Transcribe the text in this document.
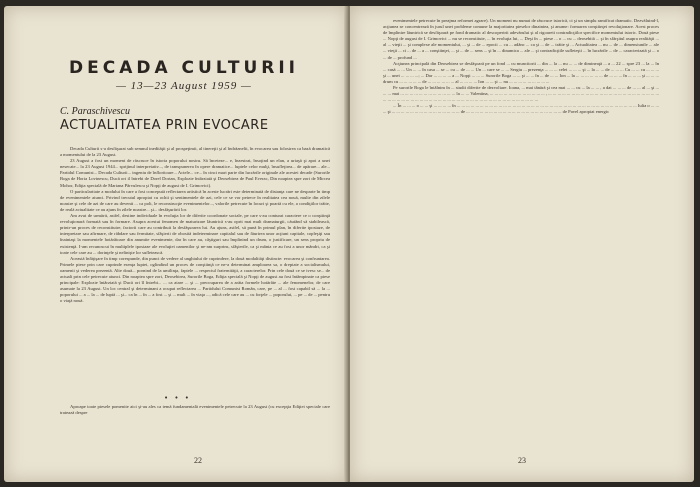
DECADA CULTURII
— 13—23 August 1959 —
C. Paraschivescu
ACTUALITATEA PRIN EVOCARE

Decada Culturii s-a desfăşurat sub semnul inedităţii şi al prospeţimii, al tinereţii şi al îndrăznelii, în evocarea sau folosirea ca bază dramatică a momentului de la 23 August.

23 August a fost un moment de răscruce în istoria poporului nostru. Să înceteze... e, înzestrat, însoţind un elan, a uriaşă şi apoi a unei nesecate... la 23 August 1944... sprijinul interpretativ..., de transpunerea în opere dramatice... luptele celor mulţi, însufleţirea... de apărare... ale... Partidul Comunist... Decada Culturii... ingeniu de înfloritoare... Actele... ce... în cinci mari parte din lucrările originale ale acestei decade (Surorile Boga de Horia Lovinescu, Ducă ori il întrebi de Dorel Dorian, Explozie întârziată şi Deosebirea de Paul Everac, Din noaptea spre zori de Mircea Mohor, Ediţia specială de Mariana Pârvulescu şi Nopţi de august de I. Grimovici).

O particularitate a modului în care a fost concepută reflectarea artistică în aceste lucrări este determinată de distanţa care ne desparte în timp de evenimentele atunci. Privind trecutul apropiat cu ochii şi sentimentele de azi, cele ce se vor petrece în realitatea cea nouă, multe din zilele noastre şi cele de azi de care au devenit ... ca poli, le reconstrucţie evenimentelor..., valorile petrecute în locuri şi poartă cu ele, a condiţiilor trăite, de reală actualitate ce au ajuns în zilele noastre... şi... desfăşurării lor.

Am avut de urmărit, astfel, destine individuale în evoluţia lor de diferite coordonate sociale, pe care s-au conturat caractere ce o conştiinţă revoluţionară formată sau în formare. Asupra acestui fenomen de maturizare lăuntrică s-au oprit mai mult dramaturgii, căutând să stabilească, printr-un proces de reconstituire, factorii care au contribuit la desfăşurarea lui. Au ajuns, astfel, să pună în primul plan, în diferite ipostaze, de interpretare sau afirmare, de răbdare sau fermitate, sfâşierii de obosită indeterminare capitalul sau de făurirea unor acţiuni capitale, copleşiţi sau înaintaşi la momentele hotărâtoare din anumite evenimente, dar în care au, câştiguri sau împlinind un drum, o justificare, un sens propriu de existenţă. I-am recunoscut în multiplele ipostaze ale evoluţiei oamenilor şi ne-am surprins, sfâşierile, ca şi mânia ce au fost a unor mândri, ca şi toate cele care au ... dorinţele şi nelinişte lor sufletească.

Această înfăţişare în timp corespunde, din punct de vedere al unghiului de cuprindere, la două modalităţi distincte: evocarea şi confruntarea. Primele piese prin care cuprinde esenţa luptei, oglindind un proces de conştiinţă ce ne-a determinat amploarea sa, o dreptate a socialismului, oamenii şi vederea prezentă. Alte două... pornind de la umilinţa, faptele ... respectul fraternităţii, a caracterelor. Prin cele două ce se ivesc se... de actuali prin cele petrecute atunci. Din noaptea spre zori, Deosebirea, Surorile Boga, Ediţia specială şi Nopţi de august au fost întâmpinate ca piese principale: Explozie întârziată şi Ducă ori îl întrebi... ... ca atare ... şi ... preocuparea de a arăta formele hotărâte ... ale fenomenelor, de care asumate la 23 August. Un loc central şi determinant a ocupat reflectarea ... Partidului Comunist Român, care, pe ... al ... fost capabil să ... la ... poporului ... a ... la ... de luptă ... şi... ca în ... în ... a fost ... şi ... mult ... în viaţa ..., adică cele care au ... cu forţele ... poporului, ... pe ... de ... pentru o viaţă nouă.

• • •

Aproape toate piesele pomenite aici şi-au ales ca temă fundamentală evenimentele petrecute la 23 August (cu excepţia Ediţiei speciale care tratează despre

22

evenimentele petrecute în preajma reformei agrare). Un moment nu numai de răscruce istorică, ci şi un simplu ramificat dramatic. Dezvăluind-l, acţiunea se concentrează în jurul unei probleme comune la majoritatea pieselor dinaintea, şi anume: formarea conştiinţei revoluţionare. Acest proces de împlinire lăuntrică se desfăşoară pe fond dramatic al descoperirii adevărului şi al rigoareii contradicţiilor specifice momentului istoric. Două piese ... Nopţi de august de I. Grimovici ... nu se reconstituie, ... în evoluţia lui, ... Deşi în ... piese ... o ... cu ... deosebită ... şi în sfârşitul asupra realităţii ... al ... vieţii ... şi complexe ale momentului, ... şi ... de ... epocii ... cu ... adânc ... ca şi ... de ... trăite şi ... Actualitatea ... nu ... de ... dimensiunile ... ale ... vieţii ... ci ... de ... a ... conştiinţei, ... şi ... de ... sens ... şi în ... dinamica ... ale ... şi contradicţiile sufleteşti ... în lucrările ... de ... caracterizată şi ... o ... de ... profund ...

Acţiunea principală din Deosebirea se desfăşoară pe un fond ... cu muncitorii ... din ... la ... nu ... ... de dimineaţă ... a ... 22 ... spre 23 ... la ... în ... casă ... ... Un ... ... în casa ... se ... cu ... de ... ... Un ... care se ... ... Sergiu ... prezenţa ... ... ... celei ... ... ... şi ... la ... ... de ... ... ... Cu ... ... cu ... ... ... şi ... unei ... ... ... ...; ... Dar ... ... ... ... a ... Nopţi ... ... ... Surorile Boga ... ... şi ... ... în ... de ... ... Ion ... la ... ... ... ... ... ... de ... ... ... în ... ... ... şi ... ... ... drum cu ... ... ... ... ... de ... ... ... ... ... ... al ... ... ... ... Ion ... ... şi ... nu ... ... ... ... ... ... ... ... ...

Pe surorile Boga le întâlnim în ... studii diferite de dezvoltare. Ioana, ... mai tânără şi cea mai ... ... cu ... la ... ... , a dat ... ... ... de ... ... al ... şi ... ... ... mai ... ... ... ... ... ... ... ... ... ... ... ... la ... ... Valentina, ... ... ... ... ... ... ... ... ... ... ... ... , ... ... ... ... ... ... ... ... ... ... ... ... ... ... ... ... ... ... ... ... ... ... ... ... ... ... ... ... ... ... ... ... ... ... ... ... ... ... ... ... ... ... ... ... ... ... ... ... ... ... ... ... ... ... ... ... ... ...

... În ... ... ... o ... ... şi ... ... ... ... în ... ... ... ... ... ... ... ... ... ... ... ... ... ... ... ... ... ... ... ... ... ... ... ... ... ... ... ... ... ... ... ... ... ... ... ... ... ... ... Iulia o ... ... ... şi ... ... ... ... ... ... ... ... ... ... ... ... ... ... ... de ... ... ... ... ... ... ... ... ... ... ... ... ... ... ... ... ... ... ... ... ... de Pavel apropiat energic

23
